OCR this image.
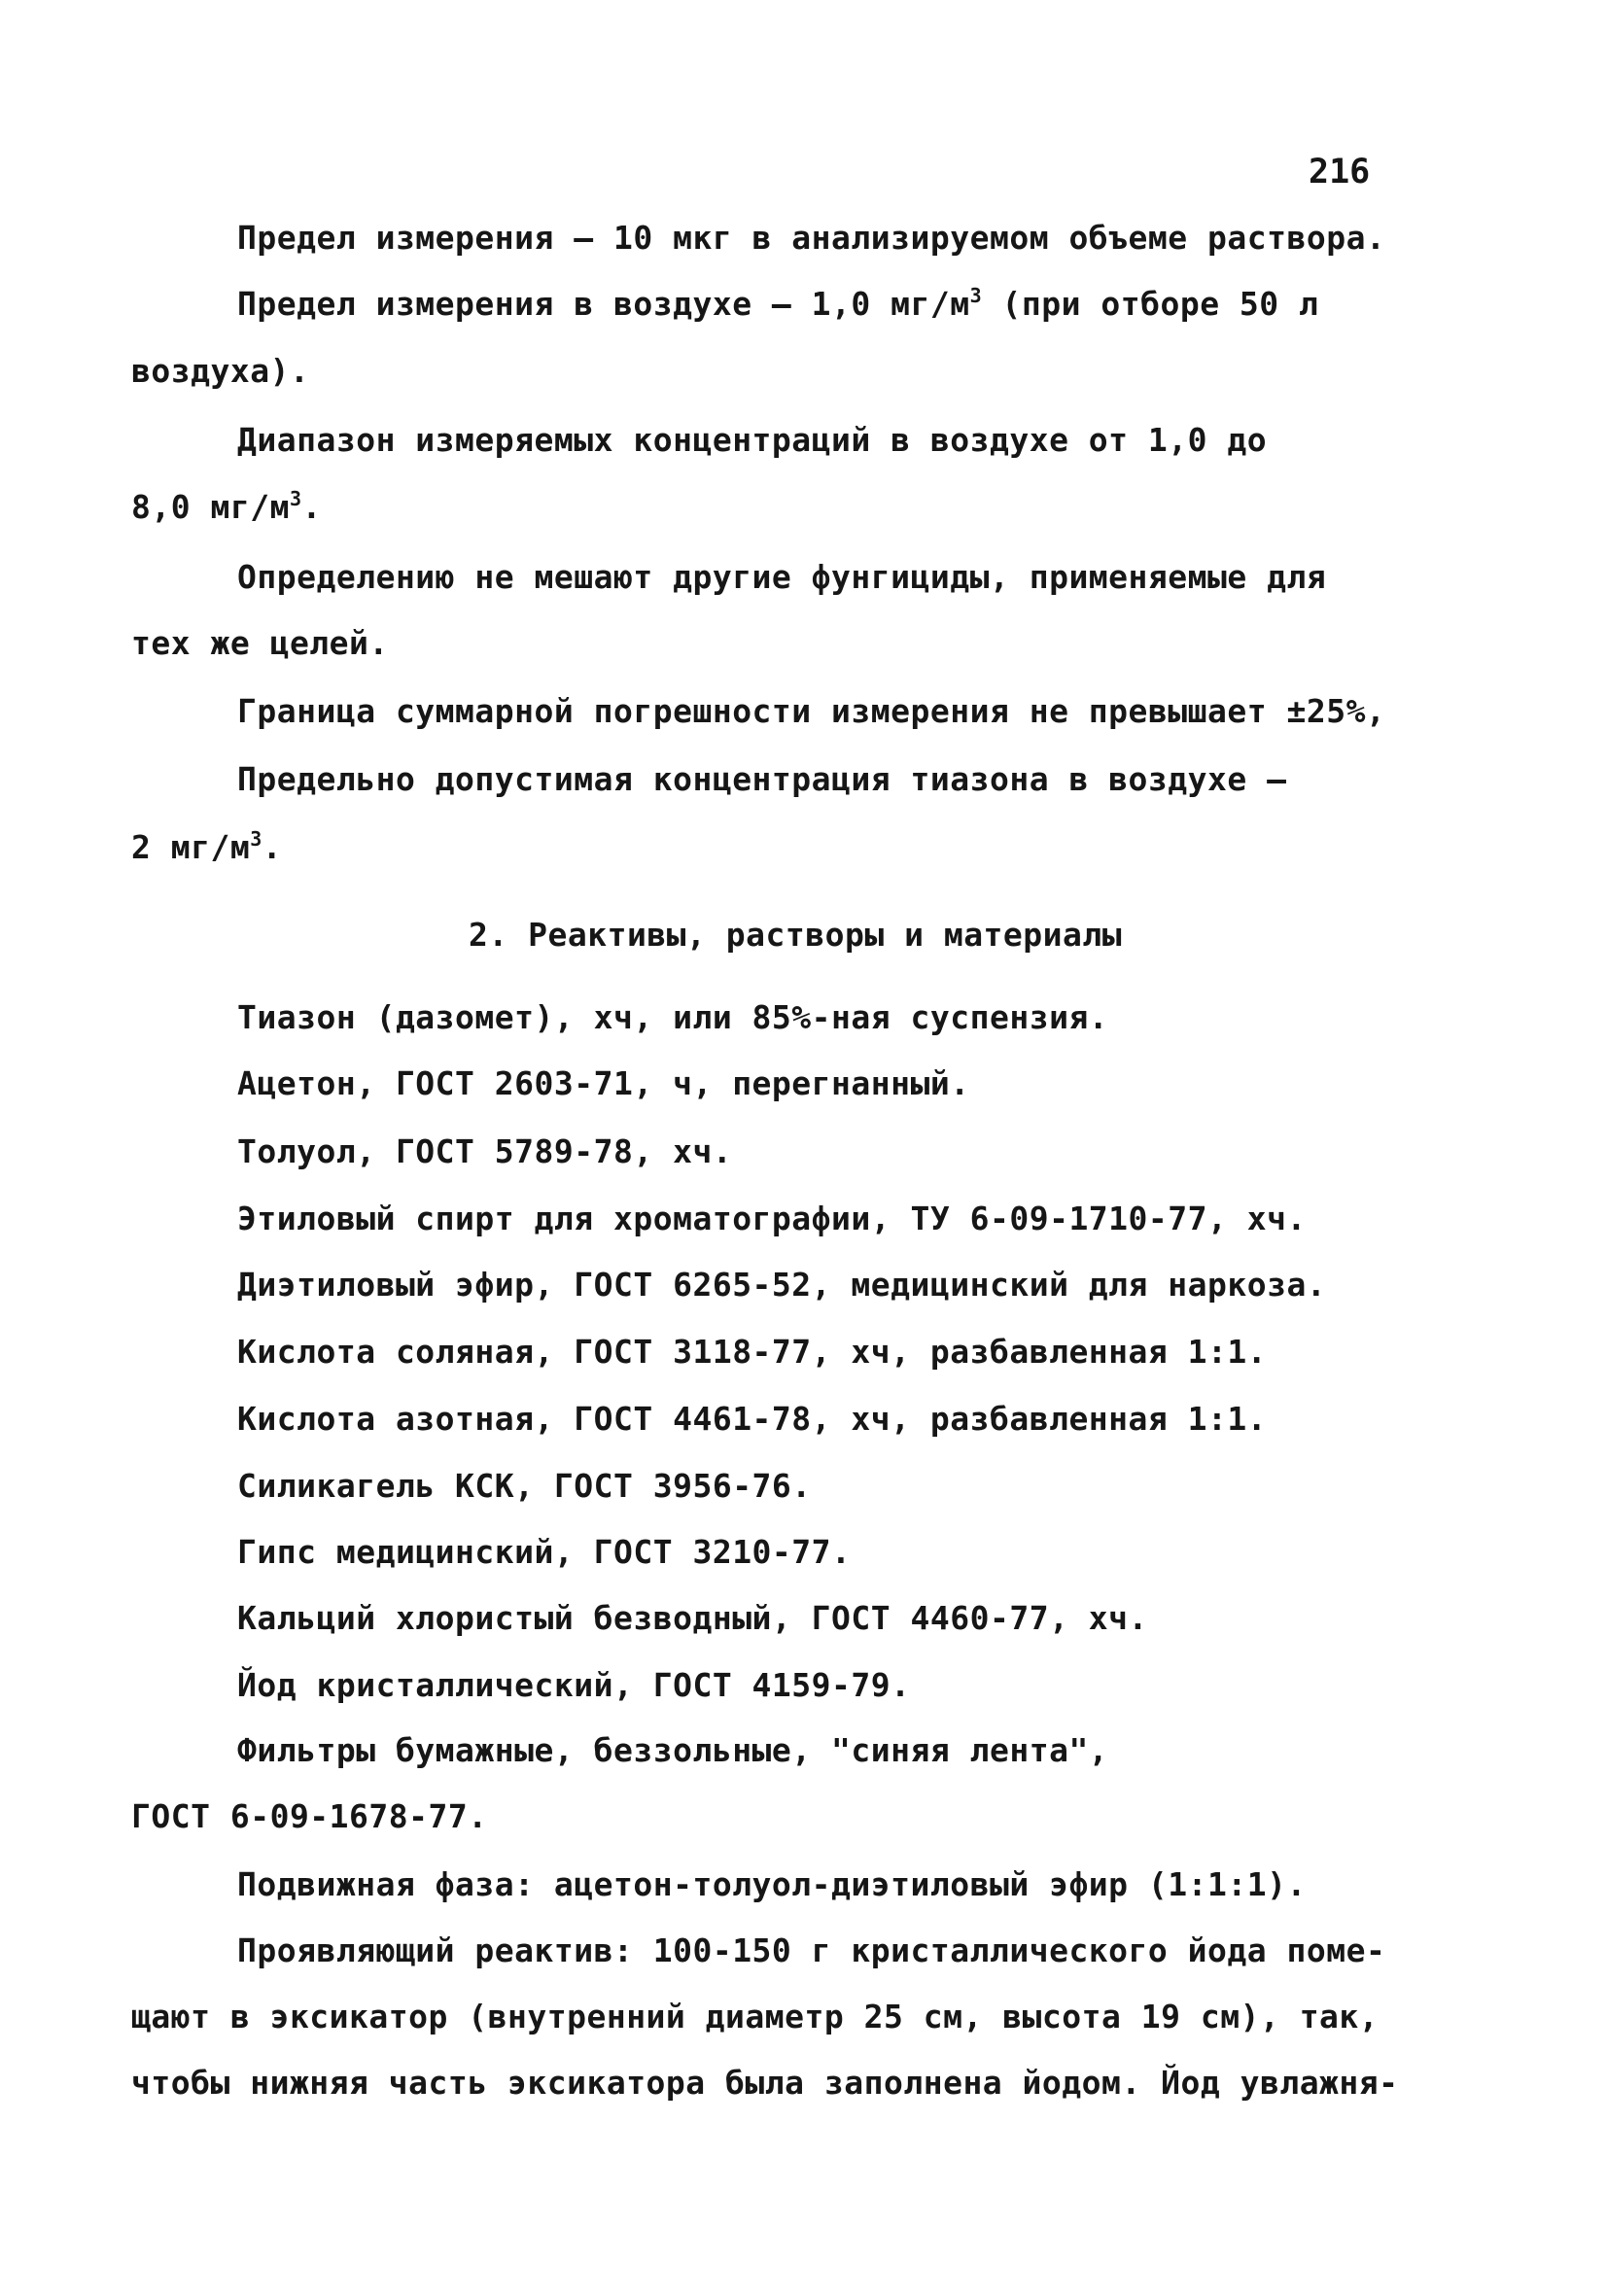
216
Предел измерения – 10 мкг в анализируемом объеме раствора.
Предел измерения в воздухе – 1,0 $мг/м^3$ (при отборе 50 л
воздуха).
Диапазон измеряемых концентраций в воздухе от 1,0 до
8,0 $мг/м^3$.
Определению не мешают другие фунгициды, применяемые для
тех же целей.
Граница суммарной погрешности измерения не превышает ±25%,
Предельно допустимая концентрация тиазона в воздухе –
2 $мг/м^3$.
2. Реактивы, растворы и материалы
Тиазон (дазомет), хч, или 85%-ная суспензия.
Ацетон, ГОСТ 2603-71, ч, перегнанный.
Толуол, ГОСТ 5789-78, хч.
Этиловый спирт для хроматографии, ТУ 6-09-1710-77, хч.
Диэтиловый эфир, ГОСТ 6265-52, медицинский для наркоза.
Кислота соляная, ГОСТ 3118-77, хч, разбавленная 1:1.
Кислота азотная, ГОСТ 4461-78, хч, разбавленная 1:1.
Силикагель КСК, ГОСТ 3956-76.
Гипс медицинский, ГОСТ 3210-77.
Кальций хлористый безводный, ГОСТ 4460-77, хч.
Йод кристаллический, ГОСТ 4159-79.
Фильтры бумажные, беззольные, "синяя лента",
ГОСТ 6-09-1678-77.
Подвижная фаза: ацетон-толуол-диэтиловый эфир (1:1:1).
Проявляющий реактив: 100-150 г кристаллического йода поме-
щают в эксикатор (внутренний диаметр 25 см, высота 19 см), так,
чтобы нижняя часть эксикатора была заполнена йодом. Йод увлажня-
